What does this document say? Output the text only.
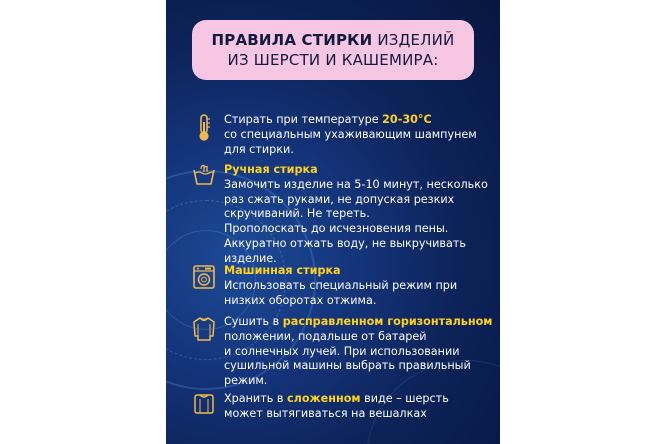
ПРАВИЛА СТИРКИ ИЗДЕЛИЙ
ИЗ ШЕРСТИ И КАШЕМИРА:
Стирать при температуре 20-30°C
со специальным ухаживающим шампунем
для стирки.
Ручная стирка
Замочить изделие на 5-10 минут, несколько
раз сжать руками, не допуская резких
скручиваний. Не тереть.
Прополоскать до исчезновения пены.
Аккуратно отжать воду, не выкручивать
изделие.
Машинная стирка
Использовать специальный режим при
низких оборотах отжима.
Сушить в расправленном горизонтальном
положении, подальше от батарей
и солнечных лучей. При использовании
сушильной машины выбрать правильный
режим.
Хранить в сложенном виде – шерсть
может вытягиваться на вешалках
